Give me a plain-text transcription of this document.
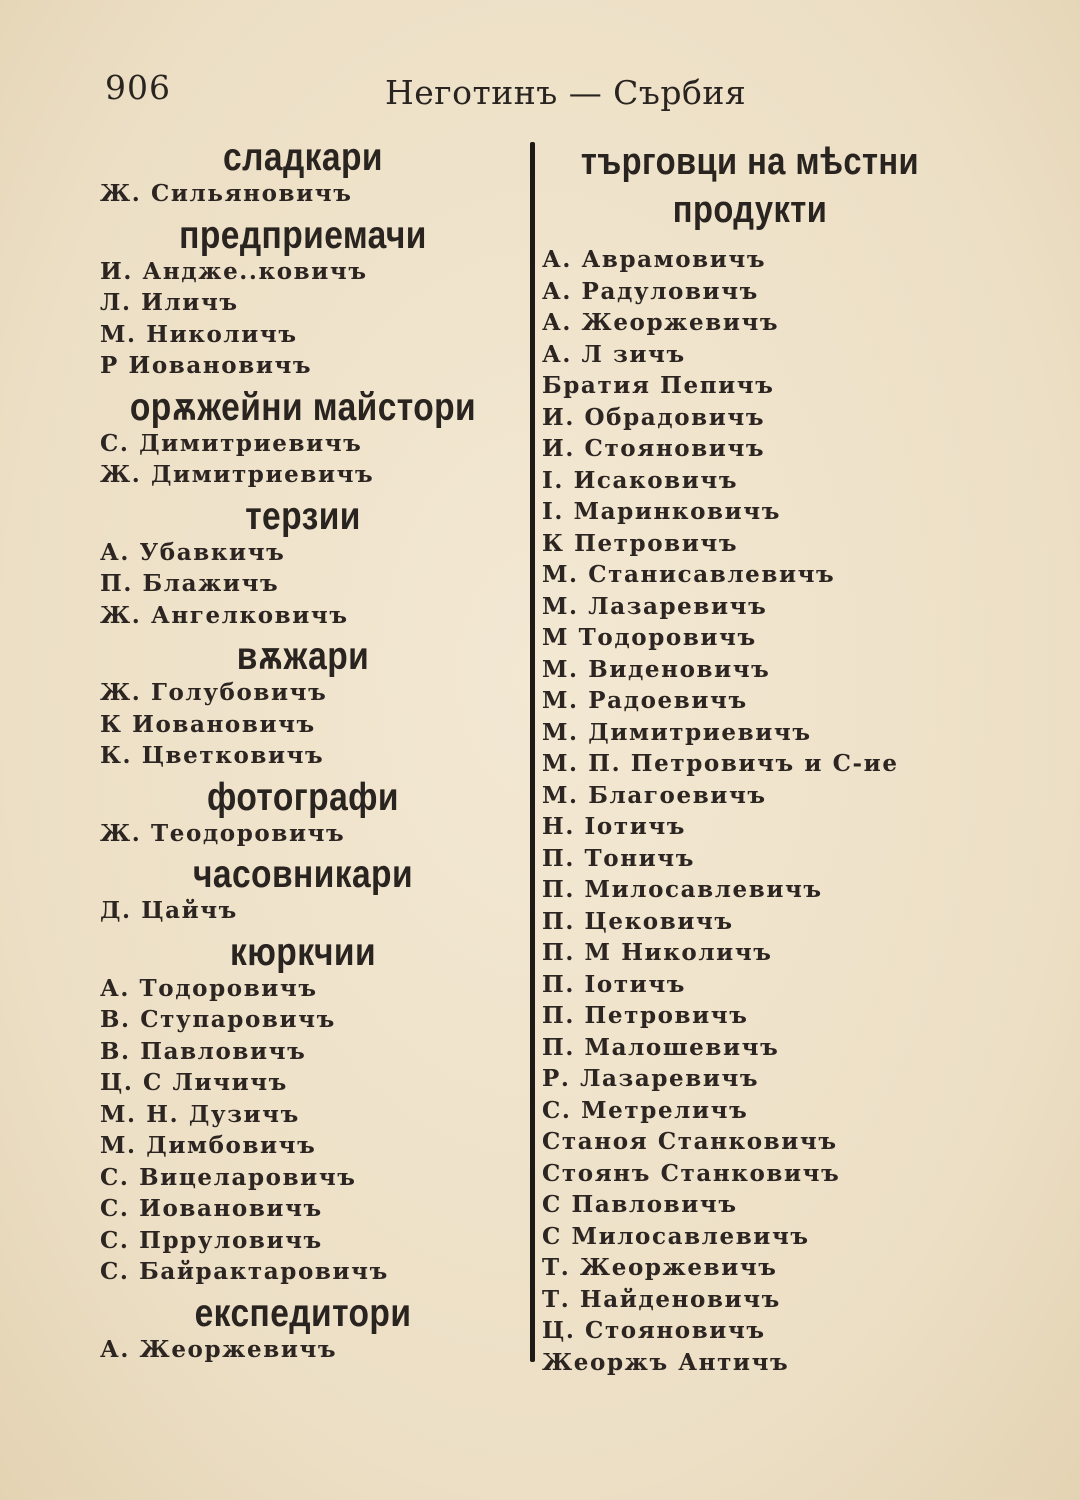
906	Неготинъ — Сърбия
сладкари
Ж. Сильяновичъ
предприемачи
И. Андже..ковичъ
Л. Иличъ
М. Николичъ
Р Иовановичъ
орѫжейни майстори
С. Димитриевичъ
Ж. Димитриевичъ
терзии
А. Убавкичъ
П. Блажичъ
Ж. Ангелковичъ
вѫжари
Ж. Голубовичъ
К Иовановичъ
К. Цветковичъ
фотографи
Ж. Теодоровичъ
часовникари
Д. Цайчъ
кюркчии
А. Тодоровичъ
В. Ступаровичъ
В. Павловичъ
Ц. С Личичъ
М. Н. Дузичъ
М. Димбовичъ
С. Вицеларовичъ
С. Иовановичъ
С. Прруловичъ
С. Байрактаровичъ
експедитори
А. Жеоржевичъ
търговци на мѣстни продукти
А. Аврамовичъ
А. Радуловичъ
А. Жеоржевичъ
А. Л зичъ
Братия Пепичъ
И. Обрадовичъ
И. Стояновичъ
I. Исаковичъ
I. Маринковичъ
К Петровичъ
М. Станисавлевичъ
М. Лазаревичъ
М Тодоровичъ
М. Виденовичъ
М. Радоевичъ
М. Димитриевичъ
М. П. Петровичъ и С-ие
М. Благоевичъ
Н. Iотичъ
П. Тоничъ
П. Милосавлевичъ
П. Цековичъ
П. М Николичъ
П. Iотичъ
П. Петровичъ
П. Малошевичъ
Р. Лазаревичъ
С. Метреличъ
Станоя Станковичъ
Стоянъ Станковичъ
С Павловичъ
С Милосавлевичъ
Т. Жеоржевичъ
Т. Найденовичъ
Ц. Стояновичъ
Жеоржъ Античъ
